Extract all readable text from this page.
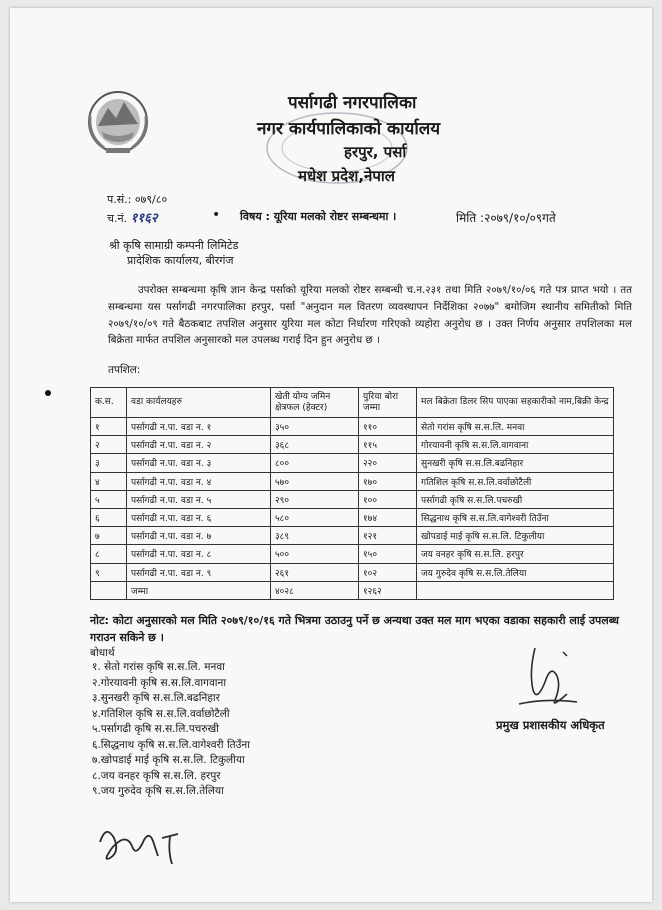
पर्सागढी नगरपालिका
नगर कार्यपालिकाको कार्यालय
हरपुर, पर्सा
मधेश प्रदेश,नेपाल
प.सं.: ०७९/८०
च.नं. ११६२	• विषय : यूरिया मलको रोष्टर सम्बन्धमा ।	मिति :२०७९/१०/०९गते
श्री कृषि सामाग्री कम्पनी लिमिटेड
प्रादेशिक कार्यालय, बीरगंज
उपरोक्त सम्बन्धमा कृषि ज्ञान केन्द्र पर्साको यूरिया मलको रोष्टर सम्बन्धी च.न.२३१ तथा मिति २०७९/१०/०६ गते पत्र प्राप्त भयो । तत सम्बन्धमा यस पर्सागढी नगरपालिका हरपुर, पर्सा "अनुदान मल वितरण व्यवस्थापन निर्देशिका २०७७" बमोजिम स्थानीय समितीको मिति २०७९/१०/०९ गते बैठकबाट तपशिल अनुसार युरिया मल कोटा निर्धारण गरिएको व्यहोरा अनुरोध छ । उक्त निर्णय अनुसार तपशिलका मल बिक्रेता मार्फत तपशिल अनुसारको मल उपलब्ध गराई दिन हुन अनुरोध छ ।
तपशिल:
क.स.	वडा कार्यलयहरु	खेती योग्य जमिन क्षेत्रफल (हेक्टर)	युरिया बोरा जम्मा	मल बिक्रेता डिलर सिप पाएका सहकारीको नाम,बिक्री केन्द्र
१	पर्सागढी न.पा. वडा न. १	३५०	११०	सेतो गरांस कृषि स.स.लि. मनवा
२	पर्सागढी न.पा. वडा न. २	३६८	११५	गोरयावनी कृषि स.स.लि.वागवाना
३	पर्सागढी न.पा. वडा न. ३	८००	२२०	सुनखरी कृषि स.स.लि.बढनिहार
४	पर्सागढी न.पा. वडा न. ४	५७०	१७०	गतिशिल कृषि स.स.लि.वर्वाछोटैली
५	पर्सागढी न.पा. वडा न. ५	२९०	१००	पर्सागढी कृषि स.स.लि.पचरुखी
६	पर्सागढी न.पा. वडा न. ६	५८०	१७४	सिद्धनाथ कृषि स.स.लि.वागेश्वरी तिउँना
७	पर्सागढी न.पा. वडा न. ७	३८९	१२१	खोपडाई माई कृषि स.स.लि. टिकुलीया
८	पर्सागढी न.पा. वडा न. ८	५००	१५०	जय वनहर कृषि स.स.लि. हरपुर
९	पर्सागढी न.पा. वडा न. ९	२६१	१०२	जय गुरुदेव कृषि स.स.लि.तेलिया
	जम्मा	४०२८	१२६२	
नोट: कोटा अनुसारको मल मिति २०७९/१०/१६ गते भित्रमा उठाउनु पर्ने छ अन्यथा उक्त मल माग भएका वडाका सहकारी लाई उपलब्ध गराउन सकिने छ ।
बोधार्थ
१. सेतो गरांस कृषि स.स.लि. मनवा
२.गोरयावनी कृषि स.स.लि.वागवाना
३.सुनखरी कृषि स.स.लि.बढनिहार
४.गतिशिल कृषि स.स.लि.वर्वाछोटैली
५.पर्सागढी कृषि स.स.लि.पचरुखी
६.सिद्धनाथ कृषि स.स.लि.वागेश्वरी तिउँना
७.खोपडाई माई कृषि स.स.लि. टिकुलीया
८.जय वनहर कृषि स.स.लि. हरपुर
९.जय गुरुदेव कृषि स.स.लि.तेलिया
प्रमुख प्रशासकीय अधिकृत
